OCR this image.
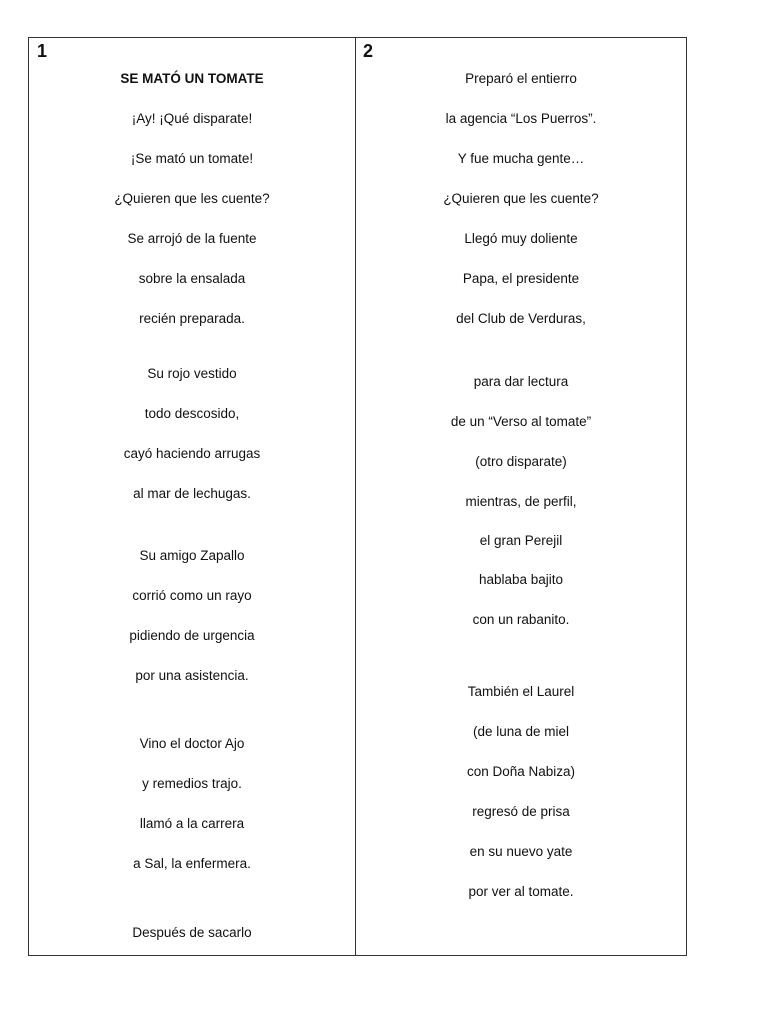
1
SE MATÓ UN TOMATE
¡Ay! ¡Qué disparate!
¡Se mató un tomate!
¿Quieren que les cuente?
Se arrojó de la fuente
sobre la ensalada
recién preparada.
Su rojo vestido
todo descosido,
cayó haciendo arrugas
al mar de lechugas.
Su amigo Zapallo
corrió como un rayo
pidiendo de urgencia
por una asistencia.
Vino el doctor Ajo
y remedios trajo.
llamó a la carrera
a Sal, la enfermera.
Después de sacarlo
2
Preparó el entierro
la agencia “Los Puerros”.
Y fue mucha gente…
¿Quieren que les cuente?
Llegó muy doliente
Papa, el presidente
del Club de Verduras,
para dar lectura
de un “Verso al tomate”
(otro disparate)
mientras, de perfil,
el gran Perejil
hablaba bajito
con un rabanito.
También el Laurel
(de luna de miel
con Doña Nabiza)
regresó de prisa
en su nuevo yate
por ver al tomate.
